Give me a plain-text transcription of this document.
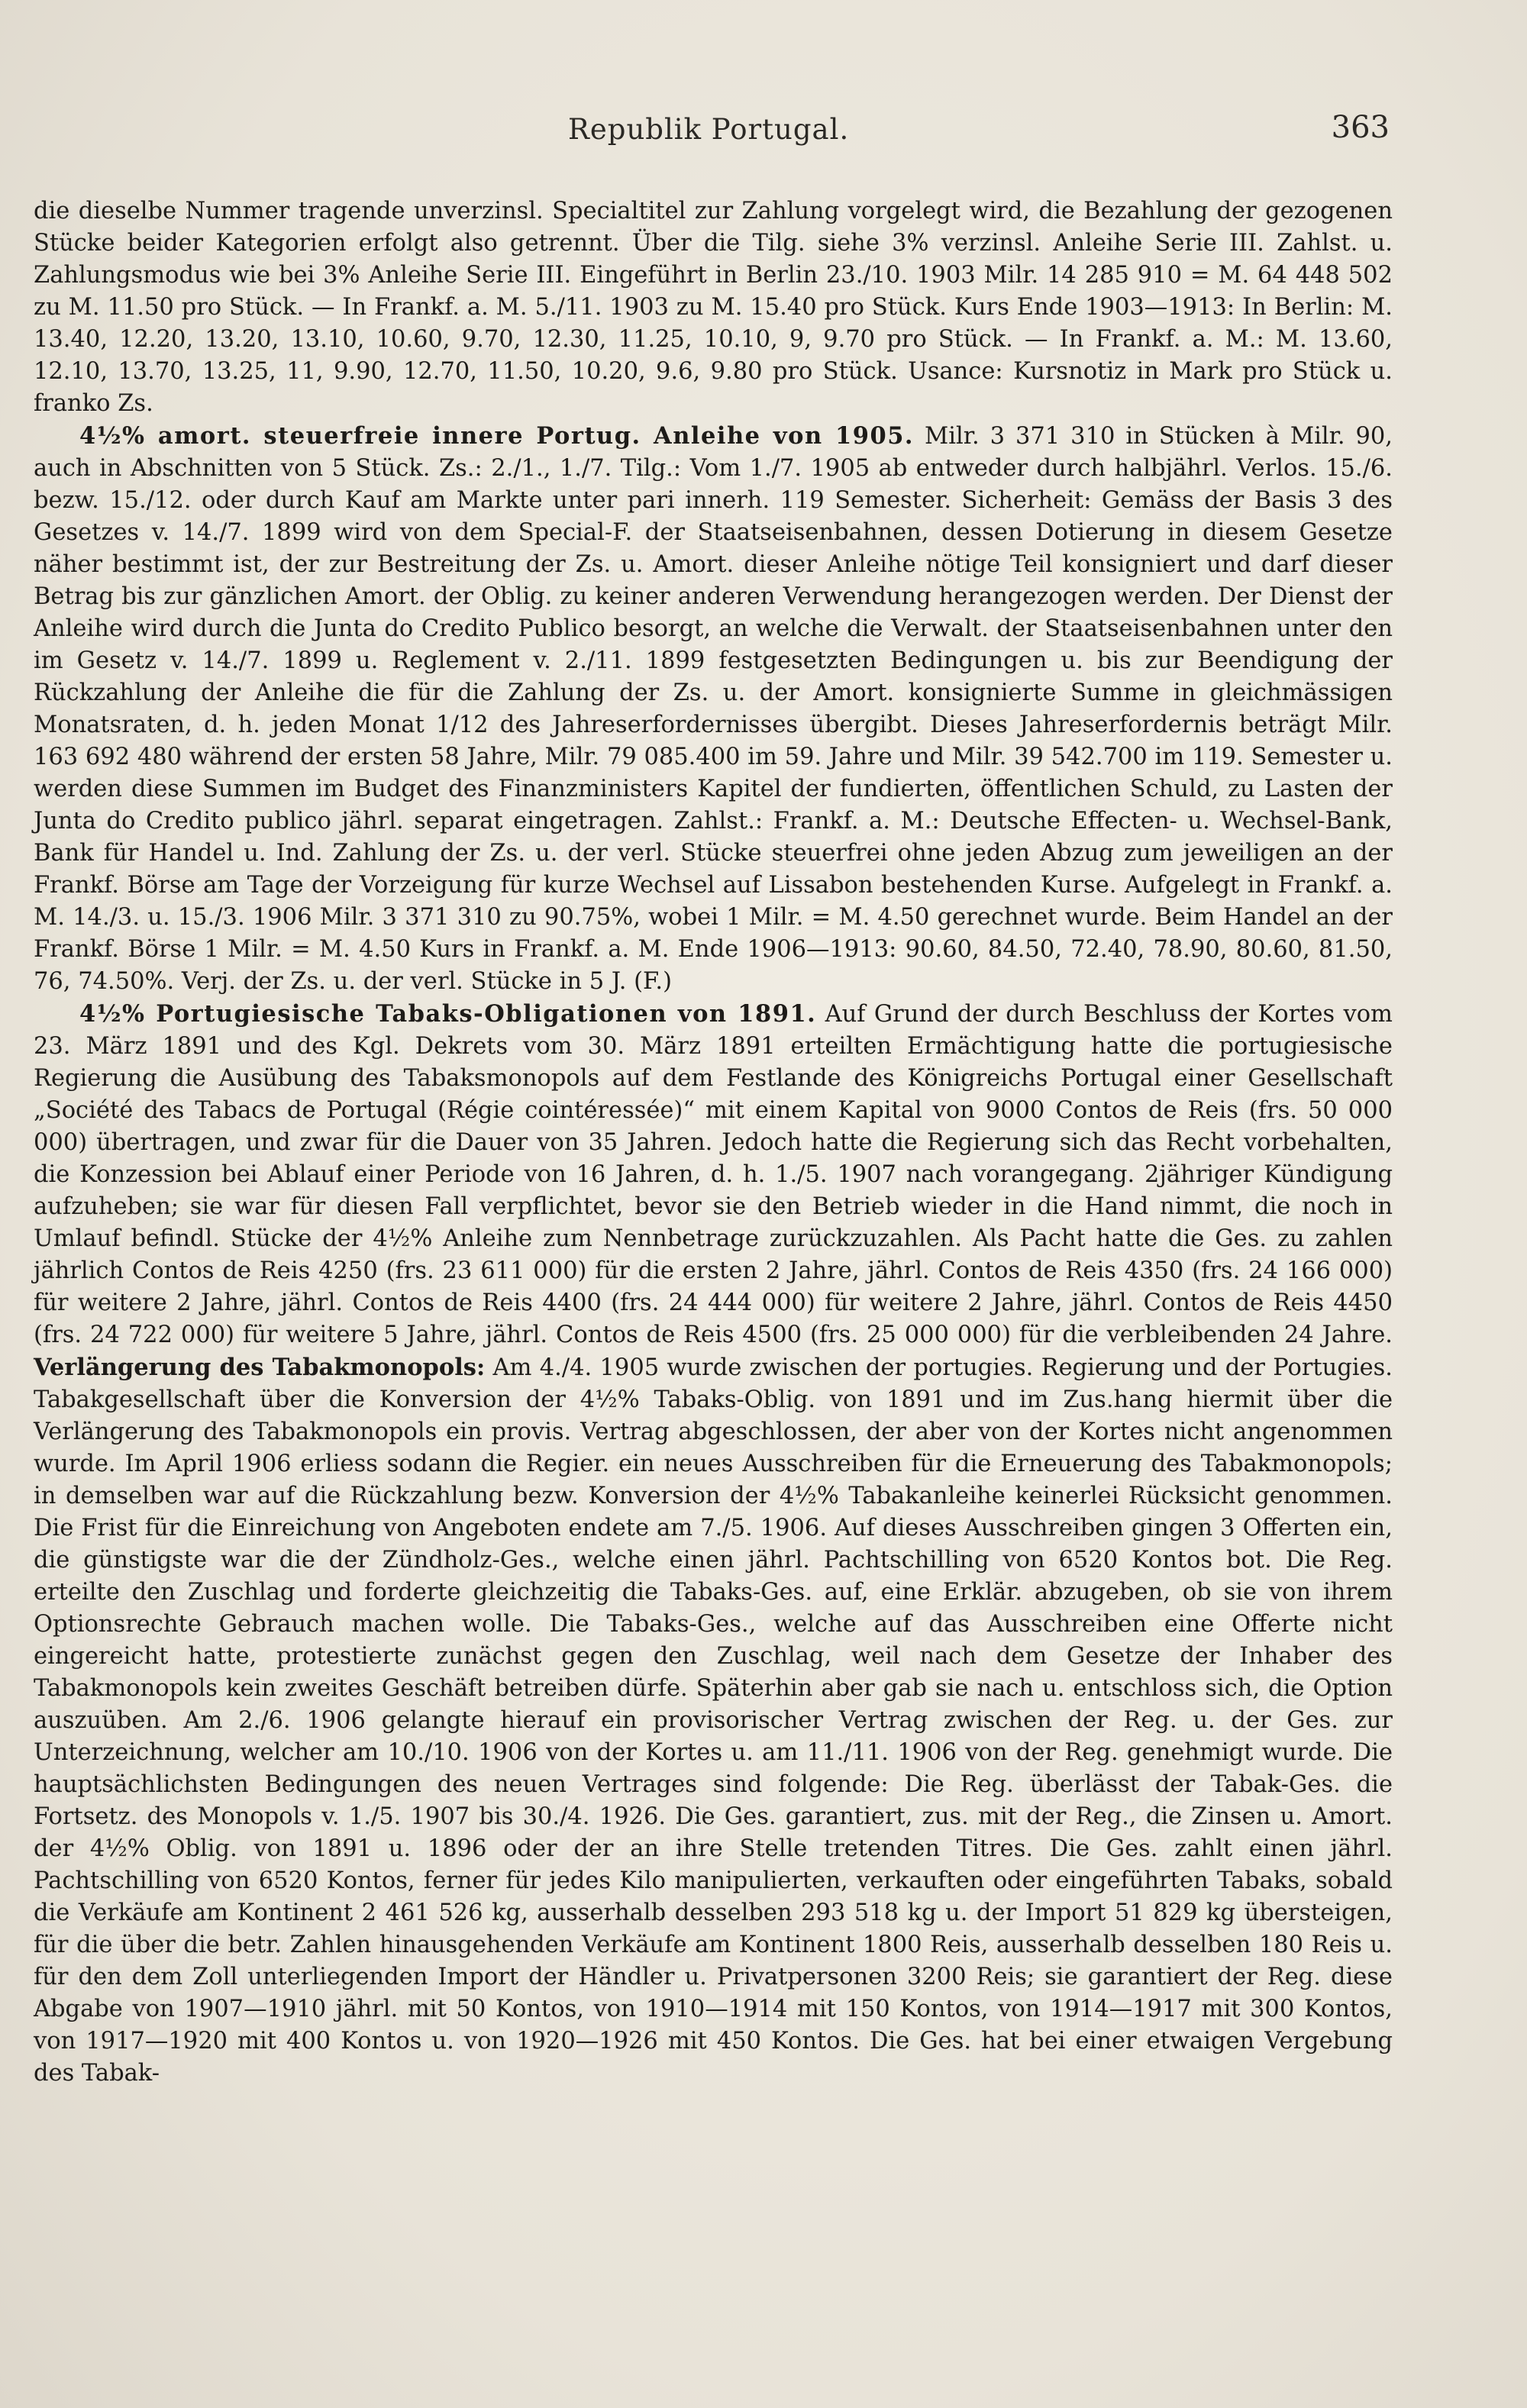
Republik Portugal.	363

die dieselbe Nummer tragende unverzinsl. Specialtitel zur Zahlung vorgelegt wird, die Bezahlung der gezogenen Stücke beider Kategorien erfolgt also getrennt. Über die Tilg. siehe 3% verzinsl. Anleihe Serie III. Zahlst. u. Zahlungsmodus wie bei 3% Anleihe Serie III. Eingeführt in Berlin 23./10. 1903 Milr. 14 285 910 = M. 64 448 502 zu M. 11.50 pro Stück. — In Frankf. a. M. 5./11. 1903 zu M. 15.40 pro Stück. Kurs Ende 1903—1913: In Berlin: M. 13.40, 12.20, 13.20, 13.10, 10.60, 9.70, 12.30, 11.25, 10.10, 9, 9.70 pro Stück. — In Frankf. a. M.: M. 13.60, 12.10, 13.70, 13.25, 11, 9.90, 12.70, 11.50, 10.20, 9.6, 9.80 pro Stück. Usance: Kursnotiz in Mark pro Stück u. franko Zs.

4½% amort. steuerfreie innere Portug. Anleihe von 1905. Milr. 3 371 310 in Stücken à Milr. 90, auch in Abschnitten von 5 Stück. Zs.: 2./1., 1./7. Tilg.: Vom 1./7. 1905 ab entweder durch halbjährl. Verlos. 15./6. bezw. 15./12. oder durch Kauf am Markte unter pari innerh. 119 Semester. Sicherheit: Gemäss der Basis 3 des Gesetzes v. 14./7. 1899 wird von dem Special-F. der Staatseisenbahnen, dessen Dotierung in diesem Gesetze näher bestimmt ist, der zur Bestreitung der Zs. u. Amort. dieser Anleihe nötige Teil konsigniert und darf dieser Betrag bis zur gänzlichen Amort. der Oblig. zu keiner anderen Verwendung herangezogen werden. Der Dienst der Anleihe wird durch die Junta do Credito Publico besorgt, an welche die Verwalt. der Staatseisenbahnen unter den im Gesetz v. 14./7. 1899 u. Reglement v. 2./11. 1899 festgesetzten Bedingungen u. bis zur Beendigung der Rückzahlung der Anleihe die für die Zahlung der Zs. u. der Amort. konsignierte Summe in gleichmässigen Monatsraten, d. h. jeden Monat 1/12 des Jahreserfordernisses übergibt. Dieses Jahreserfordernis beträgt Milr. 163 692 480 während der ersten 58 Jahre, Milr. 79 085.400 im 59. Jahre und Milr. 39 542.700 im 119. Semester u. werden diese Summen im Budget des Finanzministers Kapitel der fundierten, öffentlichen Schuld, zu Lasten der Junta do Credito publico jährl. separat eingetragen. Zahlst.: Frankf. a. M.: Deutsche Effecten- u. Wechsel-Bank, Bank für Handel u. Ind. Zahlung der Zs. u. der verl. Stücke steuerfrei ohne jeden Abzug zum jeweiligen an der Frankf. Börse am Tage der Vorzeigung für kurze Wechsel auf Lissabon bestehenden Kurse. Aufgelegt in Frankf. a. M. 14./3. u. 15./3. 1906 Milr. 3 371 310 zu 90.75%, wobei 1 Milr. = M. 4.50 gerechnet wurde. Beim Handel an der Frankf. Börse 1 Milr. = M. 4.50 Kurs in Frankf. a. M. Ende 1906—1913: 90.60, 84.50, 72.40, 78.90, 80.60, 81.50, 76, 74.50%. Verj. der Zs. u. der verl. Stücke in 5 J. (F.)

4½% Portugiesische Tabaks-Obligationen von 1891. Auf Grund der durch Beschluss der Kortes vom 23. März 1891 und des Kgl. Dekrets vom 30. März 1891 erteilten Ermächtigung hatte die portugiesische Regierung die Ausübung des Tabaksmonopols auf dem Festlande des Königreichs Portugal einer Gesellschaft „Société des Tabacs de Portugal (Régie cointéressée)“ mit einem Kapital von 9000 Contos de Reis (frs. 50 000 000) übertragen, und zwar für die Dauer von 35 Jahren. Jedoch hatte die Regierung sich das Recht vorbehalten, die Konzession bei Ablauf einer Periode von 16 Jahren, d. h. 1./5. 1907 nach vorangegang. 2jähriger Kündigung aufzuheben; sie war für diesen Fall verpflichtet, bevor sie den Betrieb wieder in die Hand nimmt, die noch in Umlauf befindl. Stücke der 4½% Anleihe zum Nennbetrage zurückzuzahlen. Als Pacht hatte die Ges. zu zahlen jährlich Contos de Reis 4250 (frs. 23 611 000) für die ersten 2 Jahre, jährl. Contos de Reis 4350 (frs. 24 166 000) für weitere 2 Jahre, jährl. Contos de Reis 4400 (frs. 24 444 000) für weitere 2 Jahre, jährl. Contos de Reis 4450 (frs. 24 722 000) für weitere 5 Jahre, jährl. Contos de Reis 4500 (frs. 25 000 000) für die verbleibenden 24 Jahre. Verlängerung des Tabakmonopols: Am 4./4. 1905 wurde zwischen der portugies. Regierung und der Portugies. Tabakgesellschaft über die Konversion der 4½% Tabaks-Oblig. von 1891 und im Zus.hang hiermit über die Verlängerung des Tabakmonopols ein provis. Vertrag abgeschlossen, der aber von der Kortes nicht angenommen wurde. Im April 1906 erliess sodann die Regier. ein neues Ausschreiben für die Erneuerung des Tabakmonopols; in demselben war auf die Rückzahlung bezw. Konversion der 4½% Tabakanleihe keinerlei Rücksicht genommen. Die Frist für die Einreichung von Angeboten endete am 7./5. 1906. Auf dieses Ausschreiben gingen 3 Offerten ein, die günstigste war die der Zündholz-Ges., welche einen jährl. Pachtschilling von 6520 Kontos bot. Die Reg. erteilte den Zuschlag und forderte gleichzeitig die Tabaks-Ges. auf, eine Erklär. abzugeben, ob sie von ihrem Optionsrechte Gebrauch machen wolle. Die Tabaks-Ges., welche auf das Ausschreiben eine Offerte nicht eingereicht hatte, protestierte zunächst gegen den Zuschlag, weil nach dem Gesetze der Inhaber des Tabakmonopols kein zweites Geschäft betreiben dürfe. Späterhin aber gab sie nach u. entschloss sich, die Option auszuüben. Am 2./6. 1906 gelangte hierauf ein provisorischer Vertrag zwischen der Reg. u. der Ges. zur Unterzeichnung, welcher am 10./10. 1906 von der Kortes u. am 11./11. 1906 von der Reg. genehmigt wurde. Die hauptsächlichsten Bedingungen des neuen Vertrages sind folgende: Die Reg. überlässt der Tabak-Ges. die Fortsetz. des Monopols v. 1./5. 1907 bis 30./4. 1926. Die Ges. garantiert, zus. mit der Reg., die Zinsen u. Amort. der 4½% Oblig. von 1891 u. 1896 oder der an ihre Stelle tretenden Titres. Die Ges. zahlt einen jährl. Pachtschilling von 6520 Kontos, ferner für jedes Kilo manipulierten, verkauften oder eingeführten Tabaks, sobald die Verkäufe am Kontinent 2 461 526 kg, ausserhalb desselben 293 518 kg u. der Import 51 829 kg übersteigen, für die über die betr. Zahlen hinausgehenden Verkäufe am Kontinent 1800 Reis, ausserhalb desselben 180 Reis u. für den dem Zoll unterliegenden Import der Händler u. Privatpersonen 3200 Reis; sie garantiert der Reg. diese Abgabe von 1907—1910 jährl. mit 50 Kontos, von 1910—1914 mit 150 Kontos, von 1914—1917 mit 300 Kontos, von 1917—1920 mit 400 Kontos u. von 1920—1926 mit 450 Kontos. Die Ges. hat bei einer etwaigen Vergebung des Tabak-
